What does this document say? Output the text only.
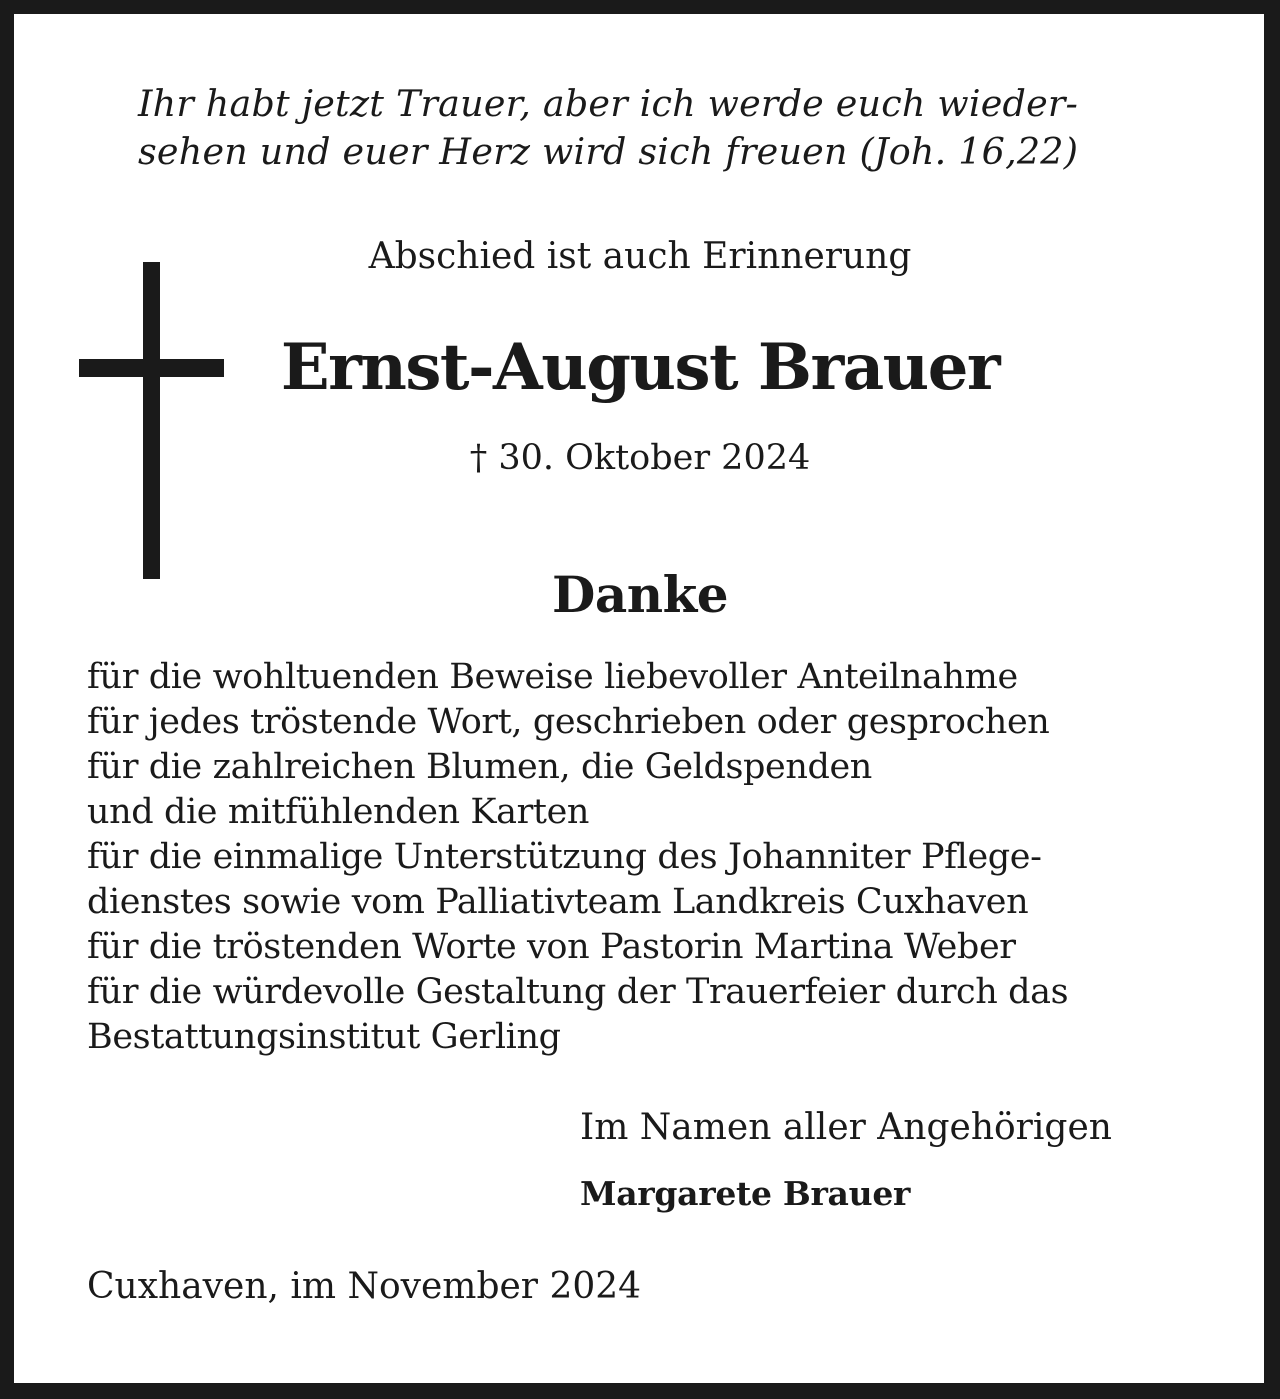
Ihr habt jetzt Trauer, aber ich werde euch wieder-
sehen und euer Herz wird sich freuen (Joh. 16,22)
Abschied ist auch Erinnerung
Ernst-August Brauer
† 30. Oktober 2024
Danke
für die wohltuenden Beweise liebevoller Anteilnahme
für jedes tröstende Wort, geschrieben oder gesprochen
für die zahlreichen Blumen, die Geldspenden
und die mitfühlenden Karten
für die einmalige Unterstützung des Johanniter Pflege-
dienstes sowie vom Palliativteam Landkreis Cuxhaven
für die tröstenden Worte von Pastorin Martina Weber
für die würdevolle Gestaltung der Trauerfeier durch das
Bestattungsinstitut Gerling
Im Namen aller Angehörigen
Margarete Brauer
Cuxhaven, im November 2024
